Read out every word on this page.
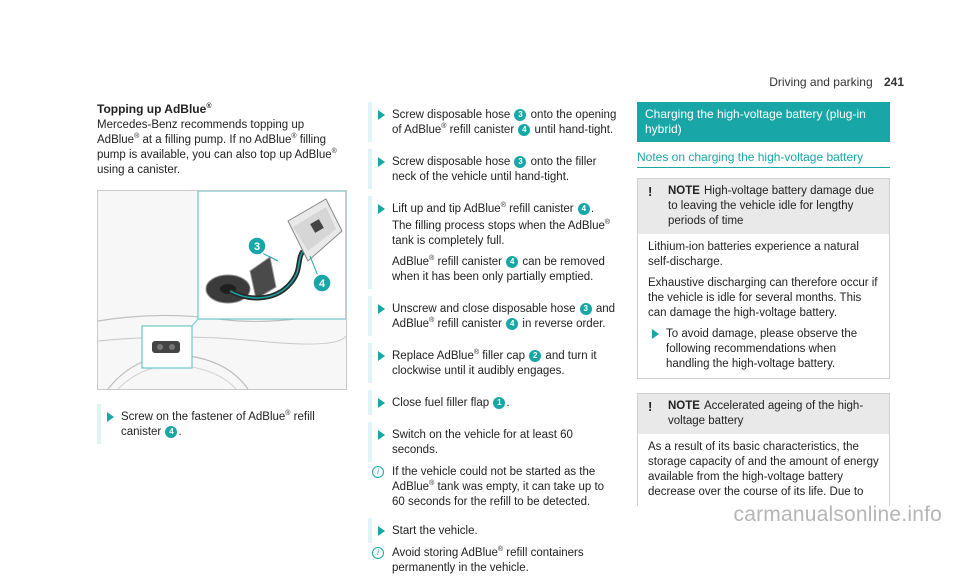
Driving and parking 241
Topping up AdBlue®
Mercedes-Benz recommends topping up AdBlue® at a filling pump. If no AdBlue® filling pump is available, you can also top up AdBlue® using a canister.
3
4
Screw on the fastener of AdBlue® refill canister 4 .
Screw disposable hose 3 onto the opening of AdBlue® refill canister 4 until hand-tight.
Screw disposable hose 3 onto the filler neck of the vehicle until hand-tight.
Lift up and tip AdBlue® refill canister 4 .
The filling process stops when the AdBlue® tank is completely full.
AdBlue® refill canister 4 can be removed when it has been only partially emptied.
Unscrew and close disposable hose 3 and AdBlue® refill canister 4 in reverse order.
Replace AdBlue® filler cap 2 and turn it clockwise until it audibly engages.
Close fuel filler flap 1 .
Switch on the vehicle for at least 60 seconds.
i	If the vehicle could not be started as the AdBlue® tank was empty, it can take up to 60 seconds for the refill to be detected.
Start the vehicle.
i	Avoid storing AdBlue® refill containers permanently in the vehicle.
Charging the high-voltage battery (plug-in hybrid)
Notes on charging the high-voltage battery
! NOTE High-voltage battery damage due to leaving the vehicle idle for lengthy periods of time
Lithium-ion batteries experience a natural self-discharge.
Exhaustive discharging can therefore occur if the vehicle is idle for several months. This can damage the high-voltage battery.
To avoid damage, please observe the following recommendations when handling the high-voltage battery.
! NOTE Accelerated ageing of the high-voltage battery
As a result of its basic characteristics, the storage capacity of and the amount of energy available from the high-voltage battery decrease over the course of its life. Due to
carmanualsonline.info
